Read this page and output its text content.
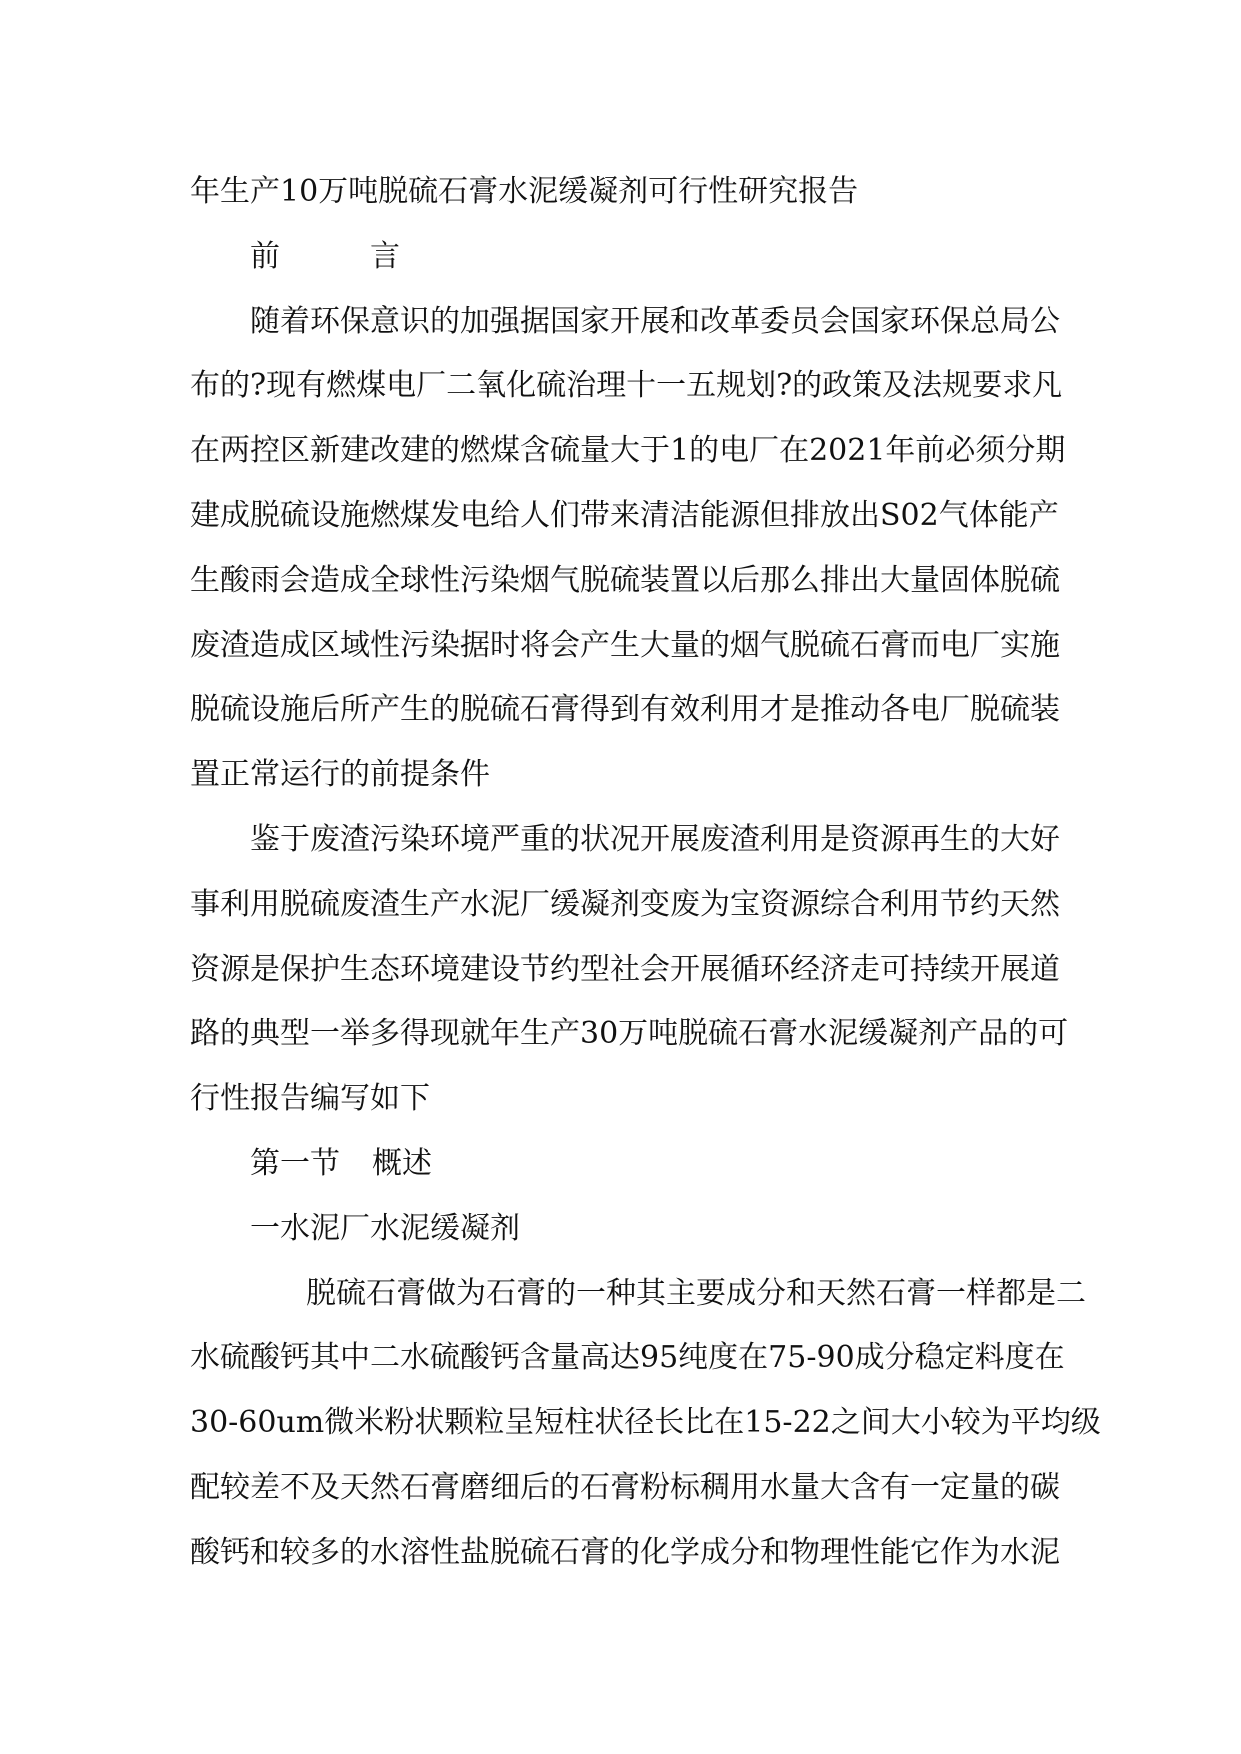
年生产10万吨脱硫石膏水泥缓凝剂可行性研究报告
前	言
随着环保意识的加强据国家开展和改革委员会国家环保总局公
布的?现有燃煤电厂二氧化硫治理十一五规划?的政策及法规要求凡
在两控区新建改建的燃煤含硫量大于1的电厂在2021年前必须分期
建成脱硫设施燃煤发电给人们带来清洁能源但排放出S02气体能产
生酸雨会造成全球性污染烟气脱硫装置以后那么排出大量固体脱硫
废渣造成区域性污染据时将会产生大量的烟气脱硫石膏而电厂实施
脱硫设施后所产生的脱硫石膏得到有效利用才是推动各电厂脱硫装
置正常运行的前提条件
鉴于废渣污染环境严重的状况开展废渣利用是资源再生的大好
事利用脱硫废渣生产水泥厂缓凝剂变废为宝资源综合利用节约天然
资源是保护生态环境建设节约型社会开展循环经济走可持续开展道
路的典型一举多得现就年生产30万吨脱硫石膏水泥缓凝剂产品的可
行性报告编写如下
第一节 概述
一水泥厂水泥缓凝剂
脱硫石膏做为石膏的一种其主要成分和天然石膏一样都是二
水硫酸钙其中二水硫酸钙含量高达95纯度在75-90成分稳定料度在
30-60um微米粉状颗粒呈短柱状径长比在15-22之间大小较为平均级
配较差不及天然石膏磨细后的石膏粉标稠用水量大含有一定量的碳
酸钙和较多的水溶性盐脱硫石膏的化学成分和物理性能它作为水泥
